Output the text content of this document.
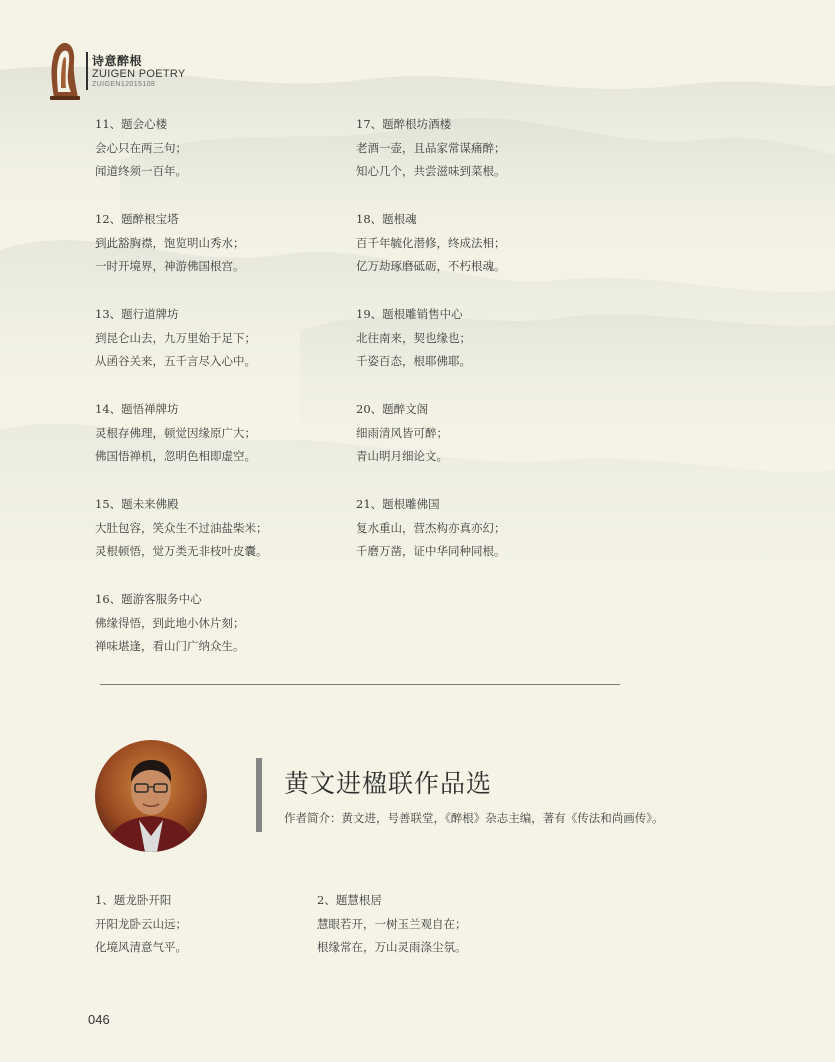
诗意醉根
ZUIGEN POETRY
ZUIGEN12015108
11、题会心楼
会心只在两三句；
闻道终须一百年。
12、题醉根宝塔
到此豁胸襟，饱览明山秀水；
一时开境界，神游佛国根宫。
13、题行道牌坊
到昆仑山去，九万里始于足下；
从函谷关来，五千言尽入心中。
14、题悟禅牌坊
灵根存佛理，顿觉因缘原广大；
佛国悟禅机，忽明色相即虚空。
15、题未来佛殿
大肚包容，笑众生不过油盐柴米；
灵根顿悟，觉万类无非枝叶皮囊。
16、题游客服务中心
佛缘得悟，到此地小休片刻；
禅味堪逢，看山门广纳众生。
17、题醉根坊酒楼
老酒一壶，且品家常谋痛醉；
知心几个，共尝滋味到菜根。
18、题根魂
百千年毓化潜修，终成法相；
亿万劫琢磨砥砺，不朽根魂。
19、题根雕销售中心
北往南来，契也缘也；
千姿百态，根耶佛耶。
20、题醉文阁
细雨清风皆可醉；
青山明月细论文。
21、题根雕佛国
复水重山，营杰构亦真亦幻；
千磨万凿，证中华同种同根。
黄文进楹联作品选
作者简介：黄文进，号善联堂，《醉根》杂志主编，著有《传法和尚画传》。
1、题龙卧开阳
开阳龙卧云山远；
化境风清意气平。
2、题慧根居
慧眼若开，一树玉兰观自在；
根缘常在，万山灵雨涤尘氛。
046
